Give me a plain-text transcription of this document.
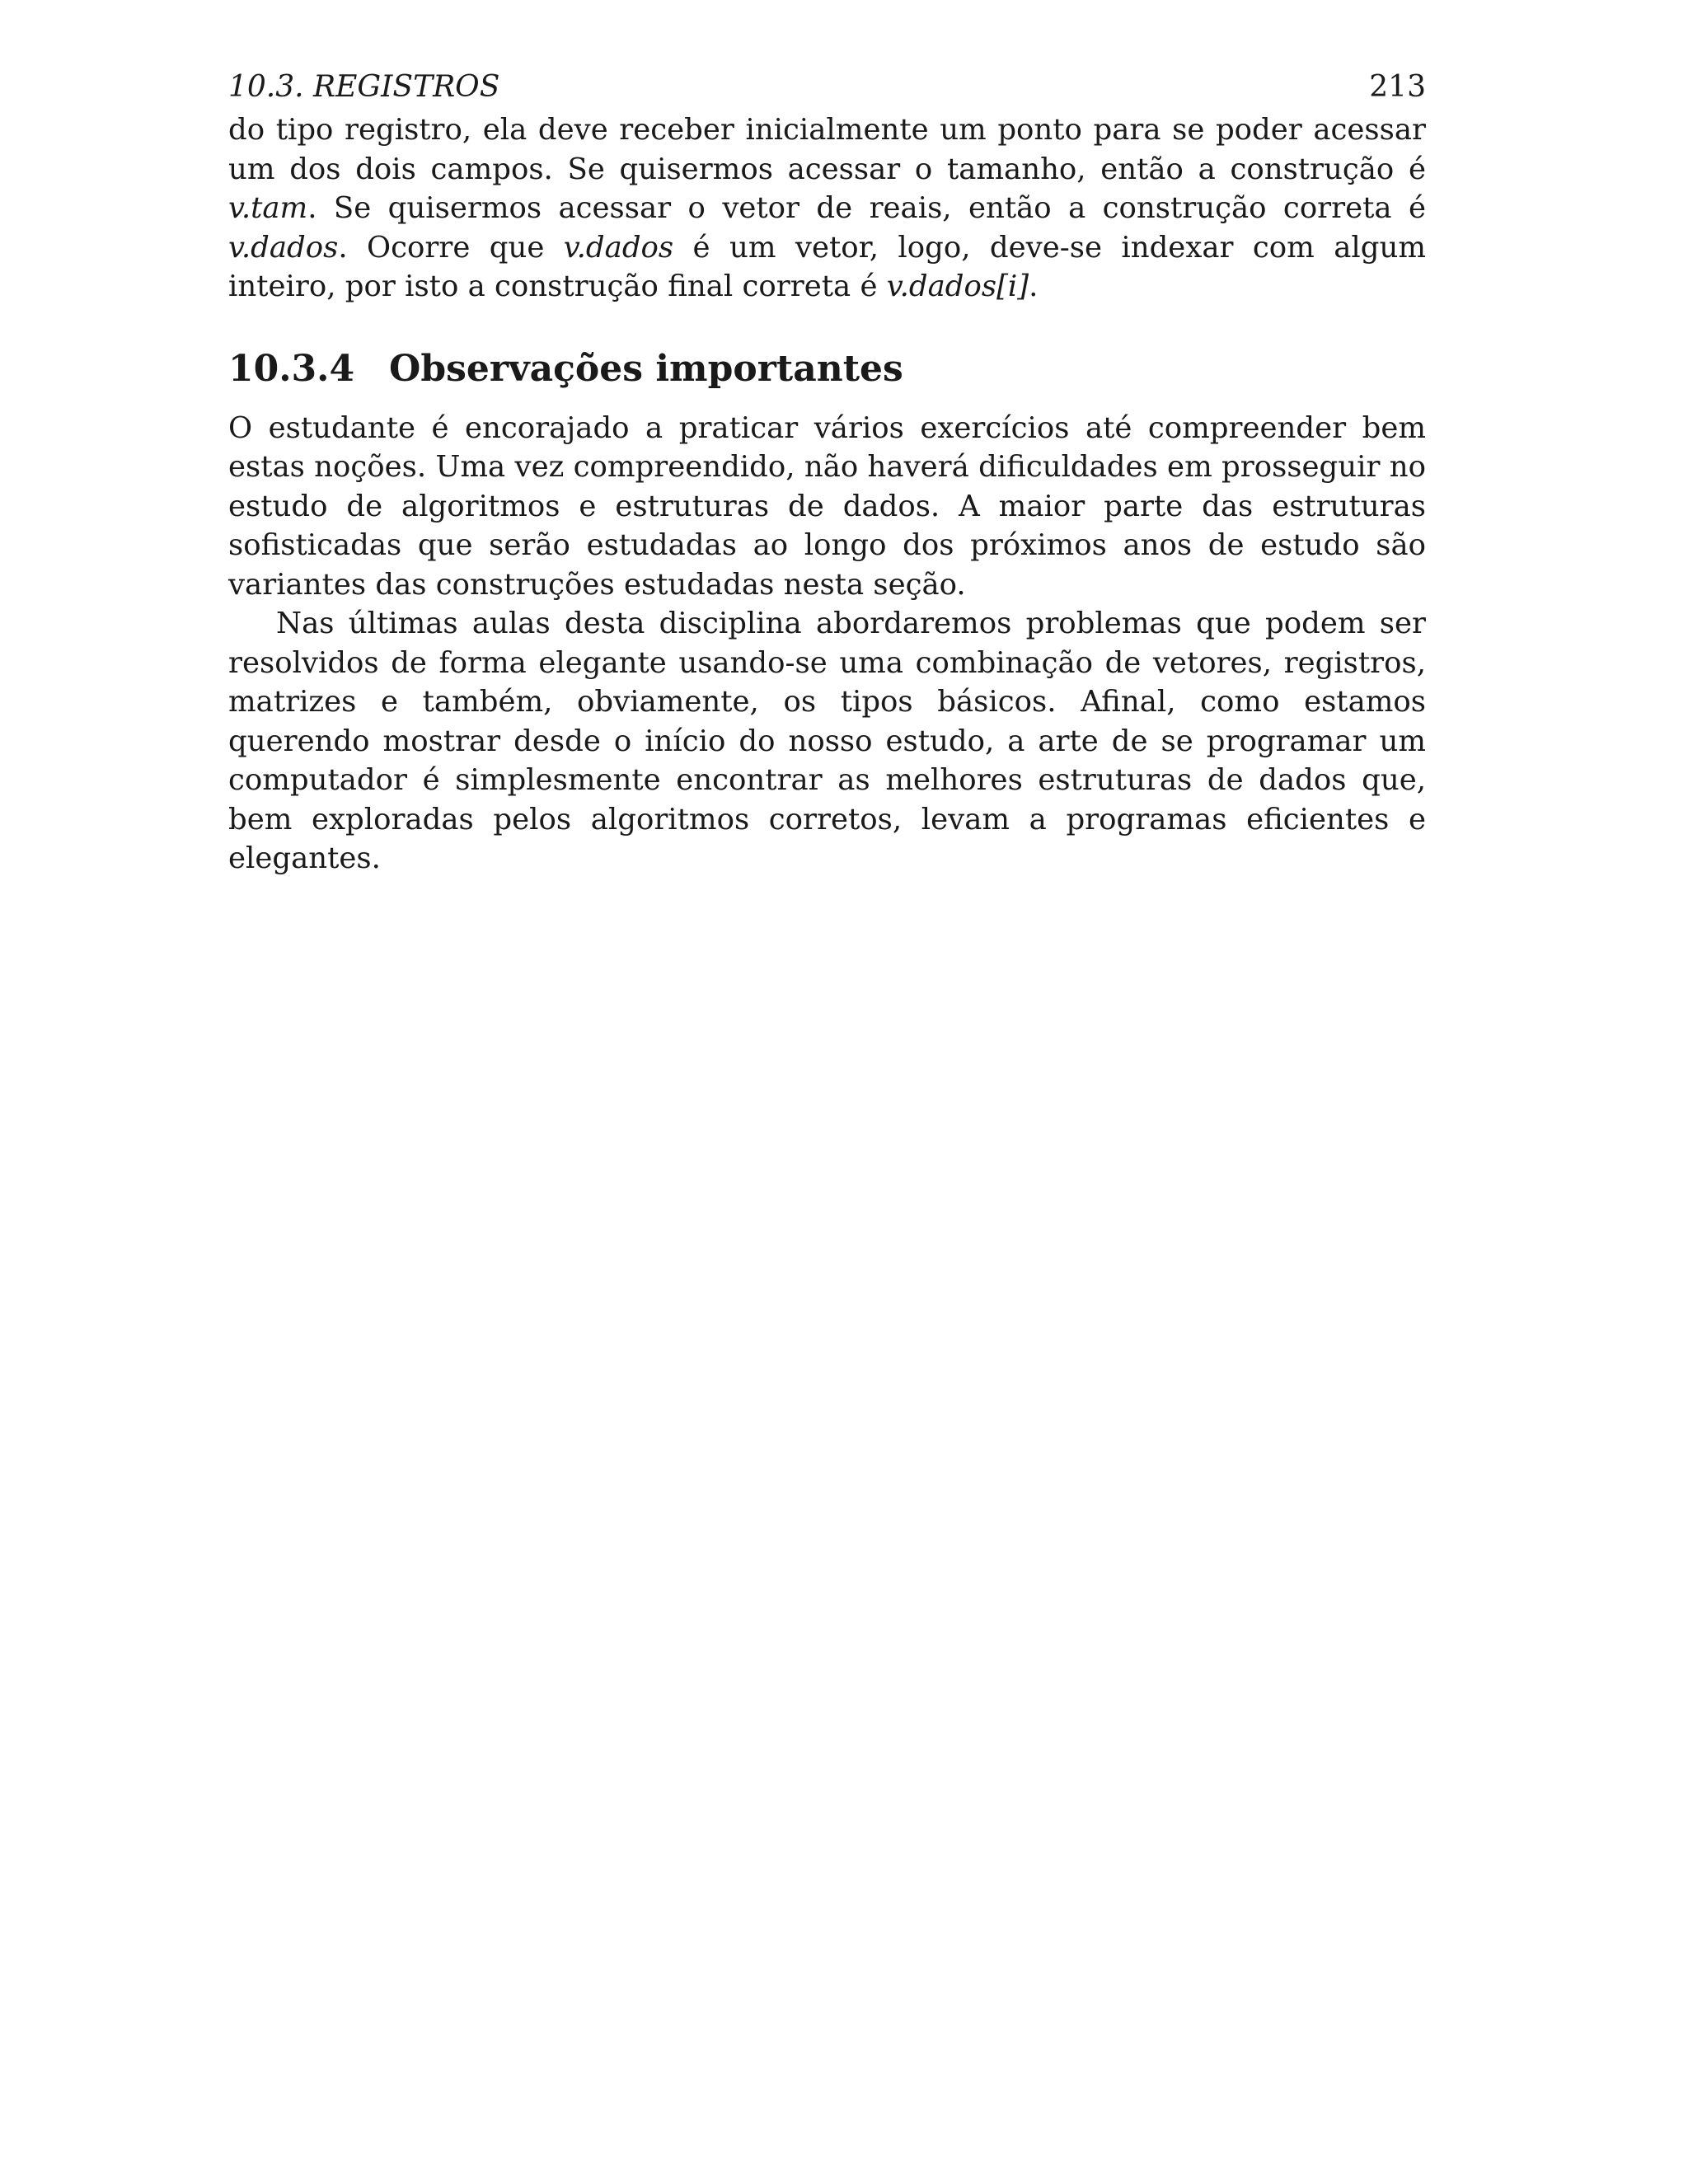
10.3. REGISTROS	213

do tipo registro, ela deve receber inicialmente um ponto para se poder acessar um dos dois campos. Se quisermos acessar o tamanho, então a construção é v.tam. Se quisermos acessar o vetor de reais, então a construção correta é v.dados. Ocorre que v.dados é um vetor, logo, deve-se indexar com algum inteiro, por isto a construção final correta é v.dados[i].

10.3.4 Observações importantes

O estudante é encorajado a praticar vários exercícios até compreender bem estas noções. Uma vez compreendido, não haverá dificuldades em prosseguir no estudo de algoritmos e estruturas de dados. A maior parte das estruturas sofisticadas que serão estudadas ao longo dos próximos anos de estudo são variantes das construções estudadas nesta seção.

Nas últimas aulas desta disciplina abordaremos problemas que podem ser resolvidos de forma elegante usando-se uma combinação de vetores, registros, matrizes e também, obviamente, os tipos básicos. Afinal, como estamos querendo mostrar desde o início do nosso estudo, a arte de se programar um computador é simplesmente encontrar as melhores estruturas de dados que, bem exploradas pelos algoritmos corretos, levam a programas eficientes e elegantes.
